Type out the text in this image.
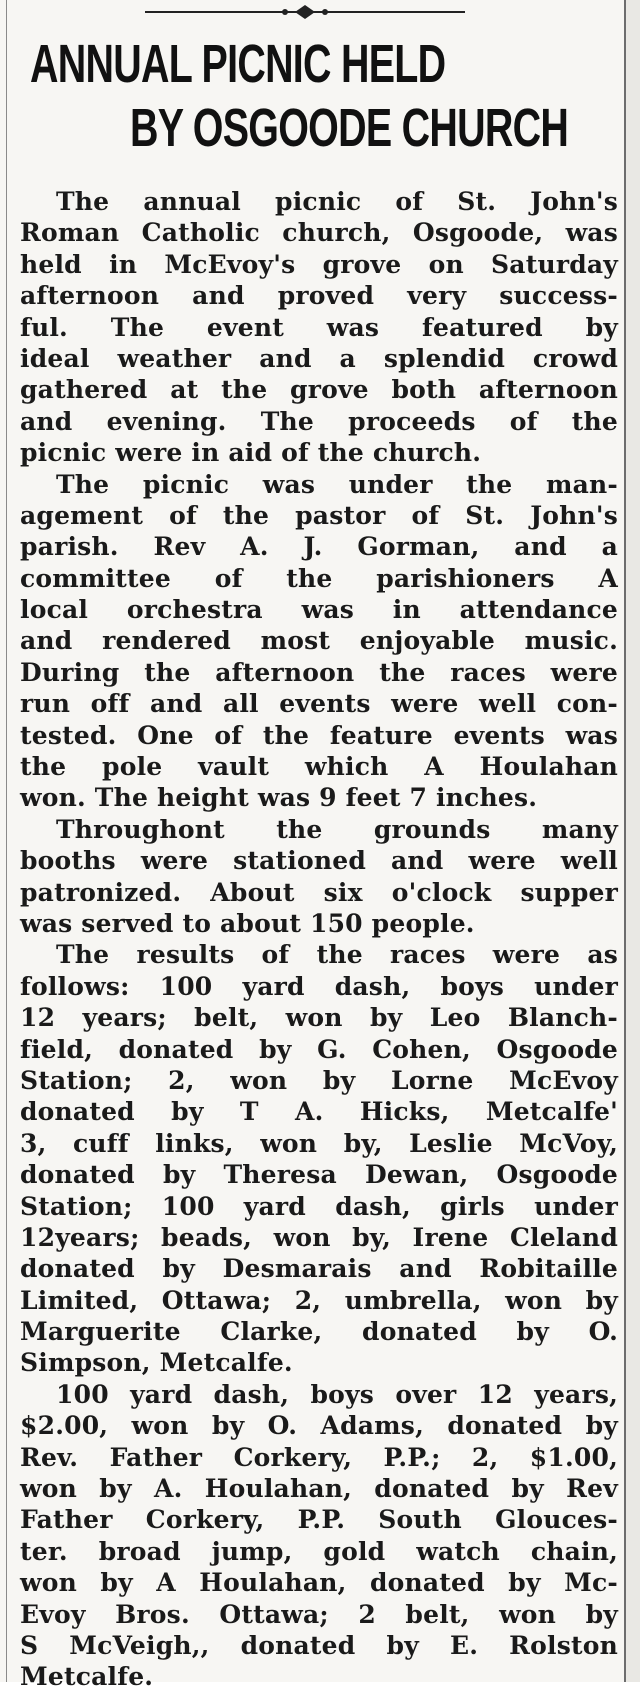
ANNUAL PICNIC HELD
BY OSGOODE CHURCH
The annual picnic of St. John's
Roman Catholic church, Osgoode, was
held in McEvoy's grove on Saturday
afternoon and proved very success-
ful. The event was featured by
ideal weather and a splendid crowd
gathered at the grove both afternoon
and evening. The proceeds of the
picnic were in aid of the church.
The picnic was under the man-
agement of the pastor of St. John's
parish. Rev A. J. Gorman, and a
committee of the parishioners A
local orchestra was in attendance
and rendered most enjoyable music.
During the afternoon the races were
run off and all events were well con-
tested. One of the feature events was
the pole vault which A Houlahan
won. The height was 9 feet 7 inches.
Throughont the grounds many
booths were stationed and were well
patronized. About six o'clock supper
was served to about 150 people.
The results of the races were as
follows: 100 yard dash, boys under
12 years; belt, won by Leo Blanch-
field, donated by G. Cohen, Osgoode
Station; 2, won by Lorne McEvoy
donated by T A. Hicks, Metcalfe'
3, cuff links, won by, Leslie McVoy,
donated by Theresa Dewan, Osgoode
Station; 100 yard dash, girls under
12years; beads, won by, Irene Cleland
donated by Desmarais and Robitaille
Limited, Ottawa; 2, umbrella, won by
Marguerite Clarke, donated by O.
Simpson, Metcalfe.
100 yard dash, boys over 12 years,
$2.00, won by O. Adams, donated by
Rev. Father Corkery, P.P.; 2, $1.00,
won by A. Houlahan, donated by Rev
Father Corkery, P.P. South Glouces-
ter. broad jump, gold watch chain,
won by A Houlahan, donated by Mc-
Evoy Bros. Ottawa; 2 belt, won by
S McVeigh,, donated by E. Rolston
Metcalfe.
